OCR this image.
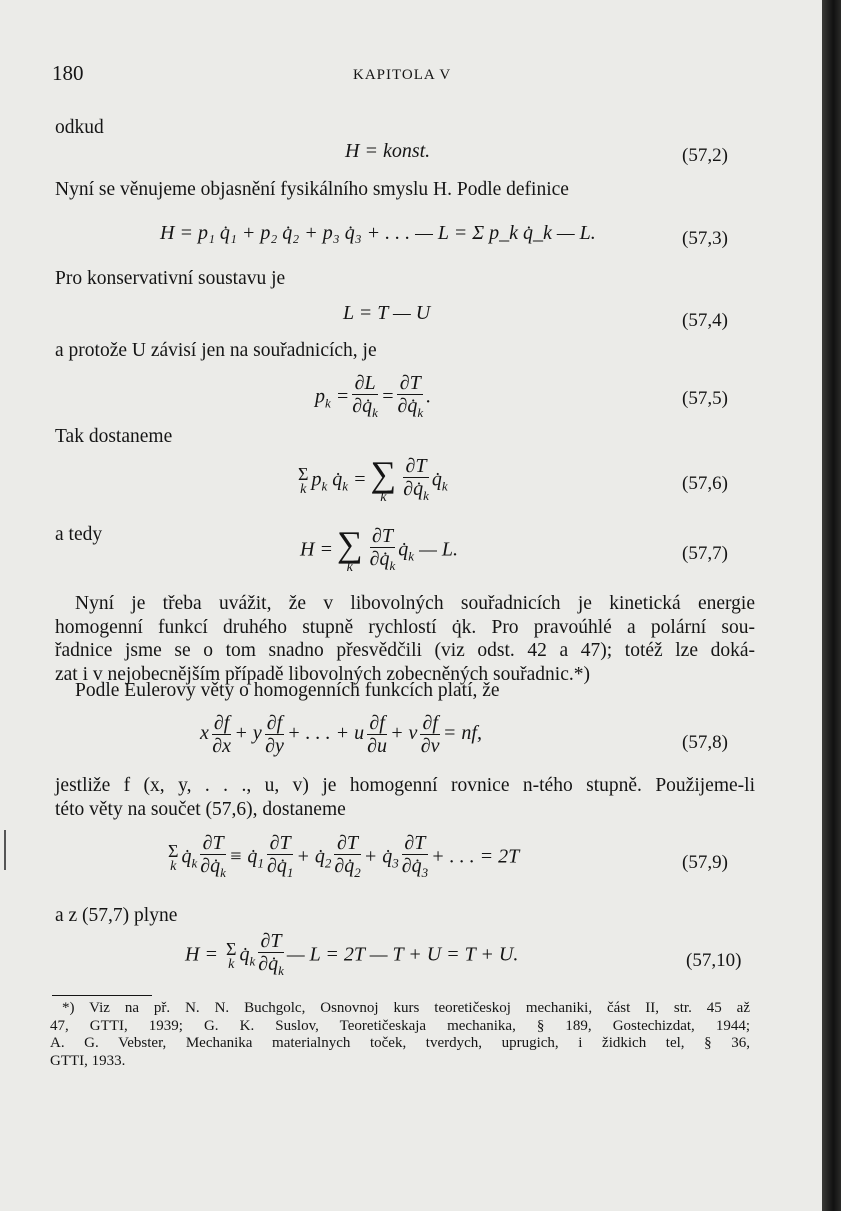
180	KAPITOLA V
odkud
H = konst.	(57,2)
Nyní se věnujeme objasnění fysikálního smyslu H. Podle definice
H = p₁ q̇₁ + p₂ q̇₂ + p₃ q̇₃ + . . . — L = Σ p_k q̇_k — L.	(57,3)
Pro konservativní soustavu je
L = T — U	(57,4)
a protože U závisí jen na souřadnicích, je
$p_k = \frac{\partial L}{\partial q̇_k} = \frac{\partial T}{\partial q̇_k}$ .	(57,5)
Tak dostaneme
Σ
k $p_k$ $q̇_k$ = ∑
k $\frac{\partial T}{\partial q̇_k}$ $q̇_k$	(57,6)
a tedy
H = ∑
k $\frac{\partial T}{\partial q̇_k}$ $q̇_k$ — L.	(57,7)
Nyní je třeba uvážit, že v libovolných souřadnicích je kinetická energie
homogenní funkcí druhého stupně rychlostí q̇k. Pro pravoúhlé a polární sou-
řadnice jsme se o tom snadno přesvědčili (viz odst. 42 a 47); totéž lze doká-
zat i v nejobecnějším případě libovolných zobecněných souřadnic.*)
Podle Eulerovy věty o homogenních funkcích platí, že
x $\frac{\partial f}{\partial x} + y \frac{\partial f}{\partial y}$ + . . . + u $\frac{\partial f}{\partial u} + v \frac{\partial f}{\partial v}$ = nf,	(57,8)
jestliže f (x, y, . . ., u, v) je homogenní rovnice n-tého stupně. Použijeme-li
této věty na součet (57,6), dostaneme
Σ
k $q̇_k \frac{\partial T}{\partial q̇_k}$ ≡ $q̇_1 \frac{\partial T}{\partial q̇_1}$ + $q̇_2 \frac{\partial T}{\partial q̇_2}$ + $q̇_3 \frac{\partial T}{\partial q̇_3}$ + . . . = 2T	(57,9)
a z (57,7) plyne
H = Σ
k $q̇_k \frac{\partial T}{\partial q̇_k}$ — L = 2T — T + U = T + U.	(57,10)
*) Viz na př. N. N. Buchgolc, Osnovnoj kurs teoretičeskoj mechaniki, část II, str. 45 až
47, GTTI, 1939; G. K. Suslov, Teoretičeskaja mechanika, § 189, Gostechizdat, 1944;
A. G. Vebster, Mechanika materialnych toček, tverdych, uprugich, i židkich tel, § 36,
GTTI, 1933.
